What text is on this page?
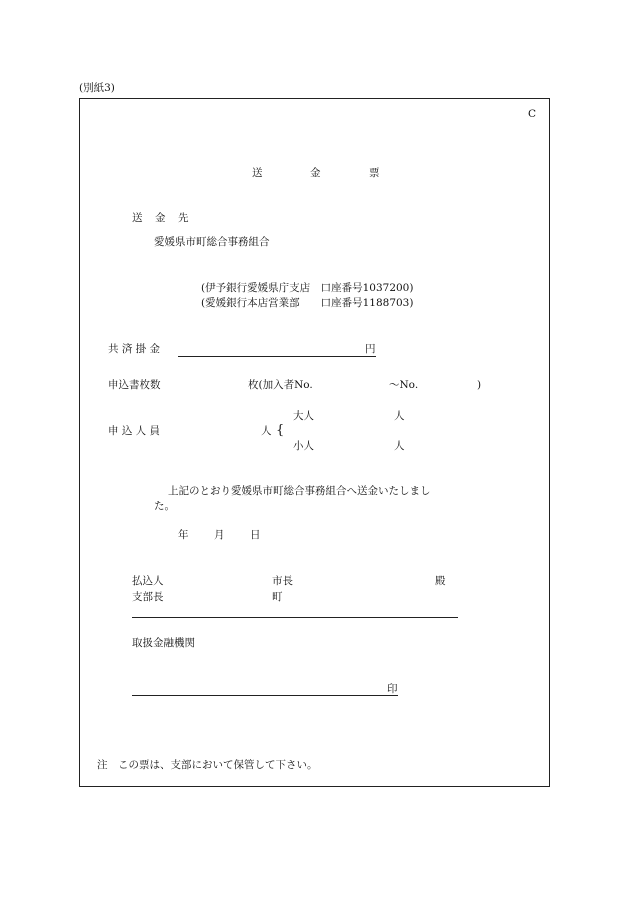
(別紙3)
C
送	金	票
送 金 先
愛媛県市町総合事務組合
(伊予銀行愛媛県庁支店　口座番号1037200)
(愛媛銀行本店営業部　　口座番号1188703)
共 済 掛 金	円
申込書枚数	枚(加入者No.	～No.	)
大人	人
申 込 人 員	人 {
小人	人
上記のとおり愛媛県市町総合事務組合へ送金いたしまし
た。
年 月 日
払込人	市長	殿
支部長	町
取扱金融機関
印
注　この票は、支部において保管して下さい。
